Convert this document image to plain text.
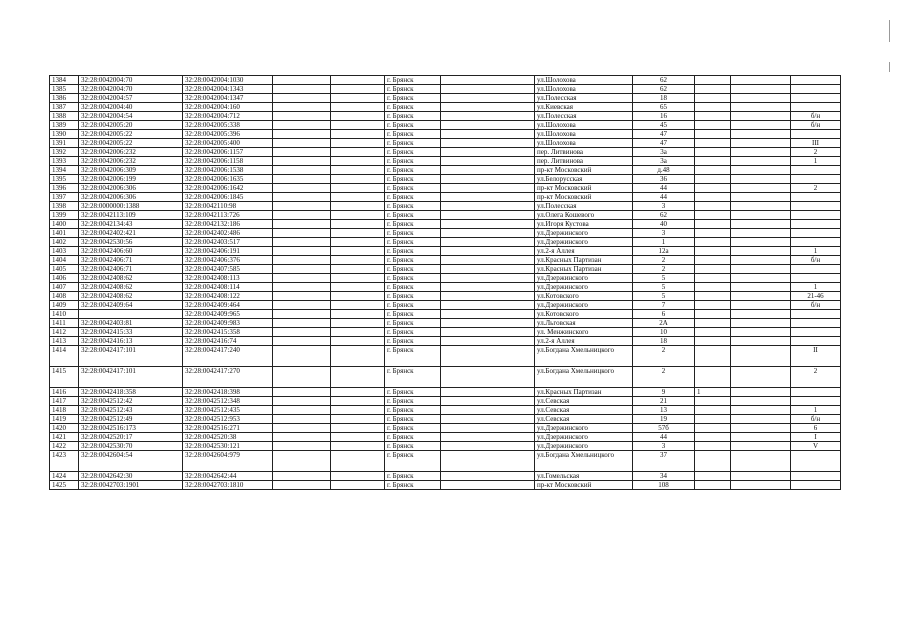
1384	32:28:0042004:70	32:28:0042004:1030			г. Брянск		ул.Шолохова	62			
1385	32:28:0042004:70	32:28:0042004:1343			г. Брянск		ул.Шолохова	62			
1386	32:28:0042004:57	32:28:0042004:1347			г. Брянск		ул.Полесская	18			
1387	32:28:0042004:40	32:28:0042004:160			г. Брянск		ул.Киевская	65			
1388	32:28:0042004:54	32:28:0042004:712			г. Брянск		ул.Полесская	16			б/н
1389	32:28:0042005:20	32:28:0042005:338			г. Брянск		ул.Шолохова	45			б/н
1390	32:28:0042005:22	32:28:0042005:396			г. Брянск		ул.Шолохова	47			
1391	32:28:0042005:22	32:28:0042005:400			г. Брянск		ул.Шолохова	47			III
1392	32:28:0042006:232	32:28:0042006:1157			г. Брянск		пер. Литвинова	3а			2
1393	32:28:0042006:232	32:28:0042006:1158			г. Брянск		пер. Литвинова	3а			1
1394	32:28:0042006:309	32:28:0042006:1538			г. Брянск		пр-кт Московский	д.48			
1395	32:28:0042006:199	32:28:0042006:1635			г. Брянск		ул.Белорусская	36			
1396	32:28:0042006:306	32:28:0042006:1642			г. Брянск		пр-кт Московский	44			2
1397	32:28:0042006:306	32:28:0042006:1845			г. Брянск		пр-кт Московский	44			
1398	32:28:0000000:1388	32:28:0042110:98			г. Брянск		ул.Полесская	3			
1399	32:28:0042113:109	32:28:0042113:726			г. Брянск		ул.Олега Кошевого	62			
1400	32:28:0042134:43	32:28:0042132:186			г. Брянск		ул.Игоря Кустова	40			
1401	32:28:0042402:421	32:28:0042402:486			г. Брянск		ул.Дзержинского	3			
1402	32:28:0042530:56	32:28:0042403:517			г. Брянск		ул.Дзержинского	1			
1403	32:28:0042406:60	32:28:0042406:191			г. Брянск		ул.2-я Аллея	12а			1
1404	32:28:0042406:71	32:28:0042406:376			г. Брянск		ул.Красных Партизан	2			б/н
1405	32:28:0042406:71	32:28:0042407:585			г. Брянск		ул.Красных Партизан	2			
1406	32:28:0042408:62	32:28:0042408:113			г. Брянск		ул.Дзержинского	5			
1407	32:28:0042408:62	32:28:0042408:114			г. Брянск		ул.Дзержинского	5			1
1408	32:28:0042408:62	32:28:0042408:122			г. Брянск		ул.Котовского	5			21-46
1409	32:28:0042409:64	32:28:0042409:464			г. Брянск		ул.Дзержинского	7			б/н
1410		32:28:0042409:965			г. Брянск		ул.Котовского	6			
1411	32:28:0042403:81	32:28:0042409:983			г. Брянск		ул.Льговская	2А			
1412	32:28:0042415:33	32:28:0042415:358			г. Брянск		ул. Менжинского	10			
1413	32:28:0042416:13	32:28:0042416:74			г. Брянск		ул.2-я Аллея	18			
1414	32:28:0042417:101	32:28:0042417:240			г. Брянск		ул.Богдана Хмельницкого	2			II
1415	32:28:0042417:101	32:28:0042417:270			г. Брянск		ул.Богдана Хмельницкого	2			2
1416	32:28:0042418:358	32:28:0042418:398			г. Брянск		ул.Красных Партизан	9	1		
1417	32:28:0042512:42	32:28:0042512:348			г. Брянск		ул.Севская	21			
1418	32:28:0042512:43	32:28:0042512:435			г. Брянск		ул.Севская	13			1
1419	32:28:0042512:49	32:28:0042512:953			г. Брянск		ул.Севская	19			б/н
1420	32:28:0042516:173	32:28:0042516:271			г. Брянск		ул.Дзержинского	57б			6
1421	32:28:0042520:17	32:28:0042520:38			г. Брянск		ул.Дзержинского	44			I
1422	32:28:0042530:70	32:28:0042530:121			г. Брянск		ул.Дзержинского	3			V
1423	32:28:0042604:54	32:28:0042604:979			г. Брянск		ул.Богдана Хмельницкого	37			
1424	32:28:0042642:30	32:28:0042642:44			г. Брянск		ул.Гомельская	34			
1425	32:28:0042703:1901	32:28:0042703:1810			г. Брянск		пр-кт Московский	108			
